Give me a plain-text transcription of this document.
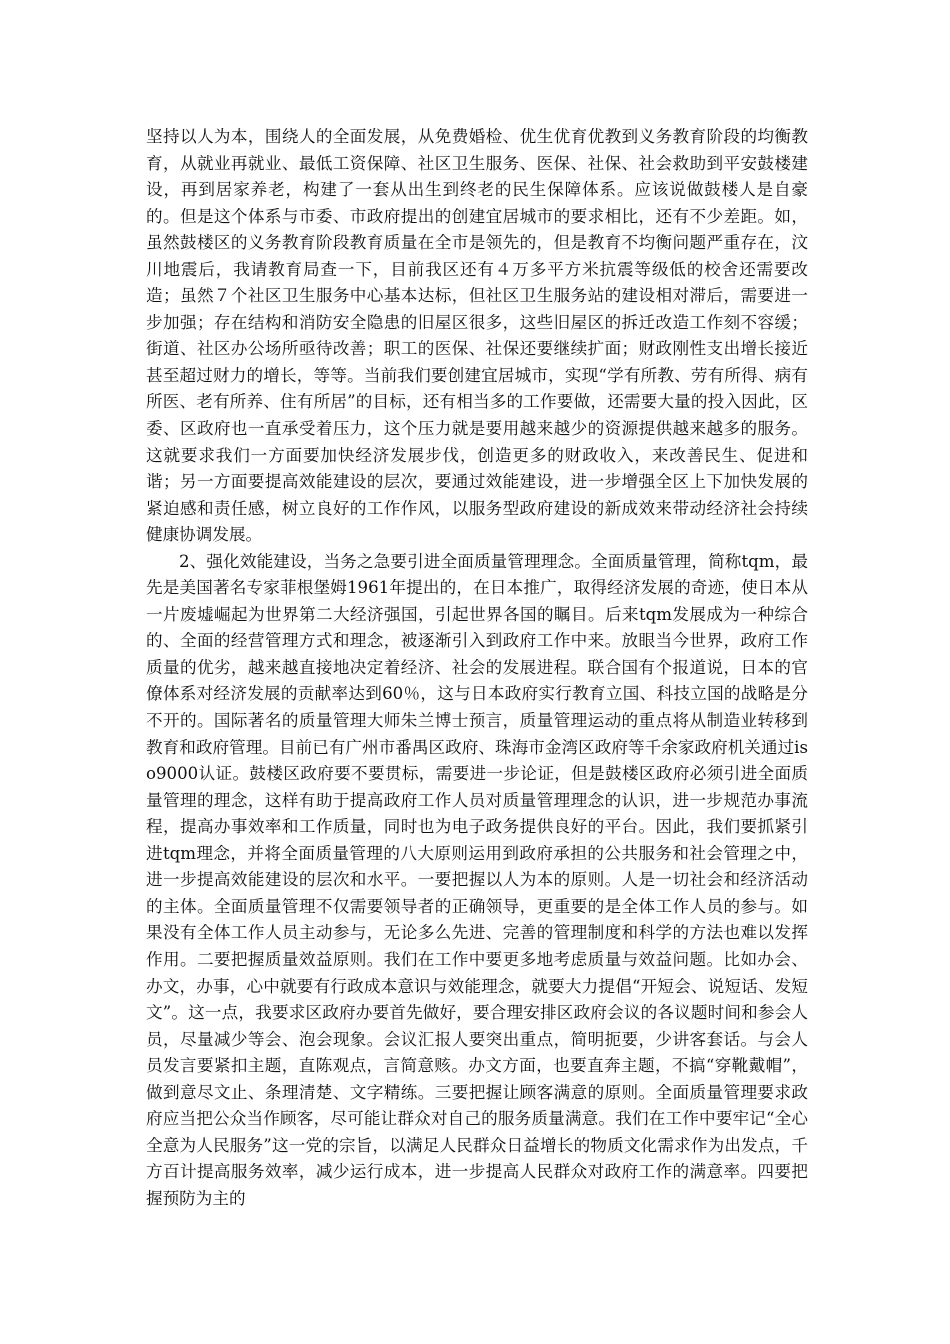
坚持以人为本，围绕人的全面发展，从免费婚检、优生优育优教到义务教育阶段的均衡教育，从就业再就业、最低工资保障、社区卫生服务、医保、社保、社会救助到平安鼓楼建设，再到居家养老，构建了一套从出生到终老的民生保障体系。应该说做鼓楼人是自豪的。但是这个体系与市委、市政府提出的创建宜居城市的要求相比，还有不少差距。如，虽然鼓楼区的义务教育阶段教育质量在全市是领先的，但是教育不均衡问题严重存在，汶川地震后，我请教育局查一下，目前我区还有４万多平方米抗震等级低的校舍还需要改造；虽然７个社区卫生服务中心基本达标，但社区卫生服务站的建设相对滞后，需要进一步加强；存在结构和消防安全隐患的旧屋区很多，这些旧屋区的拆迁改造工作刻不容缓；街道、社区办公场所亟待改善；职工的医保、社保还要继续扩面；财政刚性支出增长接近甚至超过财力的增长，等等。当前我们要创建宜居城市，实现“学有所教、劳有所得、病有所医、老有所养、住有所居”的目标，还有相当多的工作要做，还需要大量的投入因此，区委、区政府也一直承受着压力，这个压力就是要用越来越少的资源提供越来越多的服务。这就要求我们一方面要加快经济发展步伐，创造更多的财政收入，来改善民生、促进和谐；另一方面要提高效能建设的层次，要通过效能建设，进一步增强全区上下加快发展的紧迫感和责任感，树立良好的工作作风，以服务型政府建设的新成效来带动经济社会持续健康协调发展。

2、强化效能建设，当务之急要引进全面质量管理理念。全面质量管理，简称tqm，最先是美国著名专家菲根堡姆1961年提出的，在日本推广，取得经济发展的奇迹，使日本从一片废墟崛起为世界第二大经济强国，引起世界各国的瞩目。后来tqm发展成为一种综合的、全面的经营管理方式和理念，被逐渐引入到政府工作中来。放眼当今世界，政府工作质量的优劣，越来越直接地决定着经济、社会的发展进程。联合国有个报道说，日本的官僚体系对经济发展的贡献率达到60％，这与日本政府实行教育立国、科技立国的战略是分不开的。国际著名的质量管理大师朱兰博士预言，质量管理运动的重点将从制造业转移到教育和政府管理。目前已有广州市番禺区政府、珠海市金湾区政府等千余家政府机关通过iso9000认证。鼓楼区政府要不要贯标，需要进一步论证，但是鼓楼区政府必须引进全面质量管理的理念，这样有助于提高政府工作人员对质量管理理念的认识，进一步规范办事流程，提高办事效率和工作质量，同时也为电子政务提供良好的平台。因此，我们要抓紧引进tqm理念，并将全面质量管理的八大原则运用到政府承担的公共服务和社会管理之中，进一步提高效能建设的层次和水平。一要把握以人为本的原则。人是一切社会和经济活动的主体。全面质量管理不仅需要领导者的正确领导，更重要的是全体工作人员的参与。如果没有全体工作人员主动参与，无论多么先进、完善的管理制度和科学的方法也难以发挥作用。二要把握质量效益原则。我们在工作中要更多地考虑质量与效益问题。比如办会、办文，办事，心中就要有行政成本意识与效能理念，就要大力提倡“开短会、说短话、发短文”。这一点，我要求区政府办要首先做好，要合理安排区政府会议的各议题时间和参会人员，尽量减少等会、泡会现象。会议汇报人要突出重点，简明扼要，少讲客套话。与会人员发言要紧扣主题，直陈观点，言简意赅。办文方面，也要直奔主题，不搞“穿靴戴帽”，做到意尽文止、条理清楚、文字精练。三要把握让顾客满意的原则。全面质量管理要求政府应当把公众当作顾客，尽可能让群众对自己的服务质量满意。我们在工作中要牢记“全心全意为人民服务”这一党的宗旨，以满足人民群众日益增长的物质文化需求作为出发点，千方百计提高服务效率，减少运行成本，进一步提高人民群众对政府工作的满意率。四要把握预防为主的
